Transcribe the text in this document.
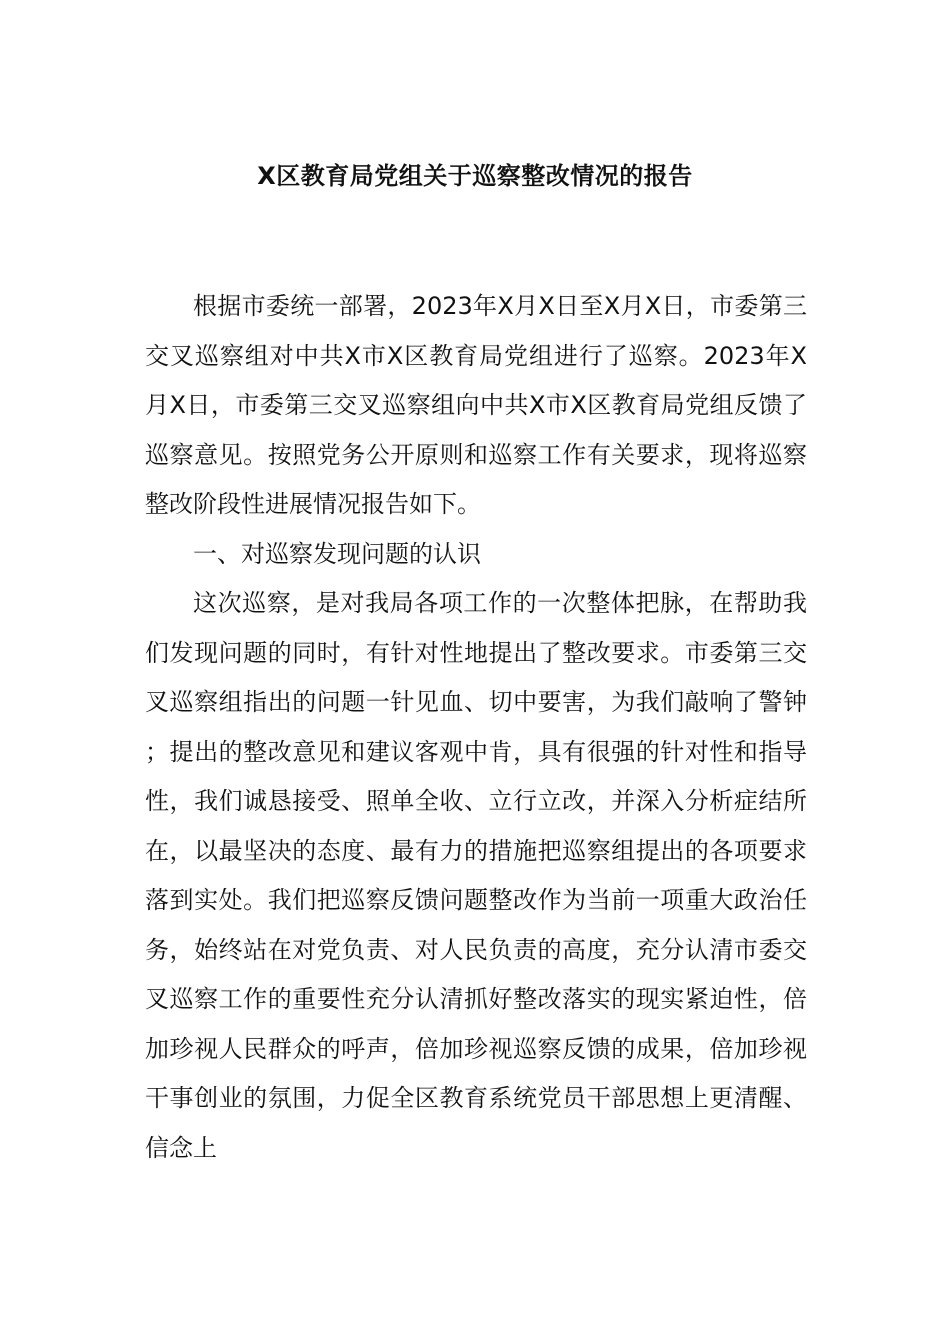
X区教育局党组关于巡察整改情况的报告

根据市委统一部署，2023年X月X日至X月X日，市委第三交叉巡察组对中共X市X区教育局党组进行了巡察。2023年X月X日，市委第三交叉巡察组向中共X市X区教育局党组反馈了巡察意见。按照党务公开原则和巡察工作有关要求，现将巡察整改阶段性进展情况报告如下。

一、对巡察发现问题的认识

这次巡察，是对我局各项工作的一次整体把脉，在帮助我们发现问题的同时，有针对性地提出了整改要求。市委第三交叉巡察组指出的问题一针见血、切中要害，为我们敲响了警钟；提出的整改意见和建议客观中肯，具有很强的针对性和指导性，我们诚恳接受、照单全收、立行立改，并深入分析症结所在，以最坚决的态度、最有力的措施把巡察组提出的各项要求落到实处。我们把巡察反馈问题整改作为当前一项重大政治任务，始终站在对党负责、对人民负责的高度，充分认清市委交叉巡察工作的重要性充分认清抓好整改落实的现实紧迫性，倍加珍视人民群众的呼声，倍加珍视巡察反馈的成果，倍加珍视干事创业的氛围，力促全区教育系统党员干部思想上更清醒、信念上
